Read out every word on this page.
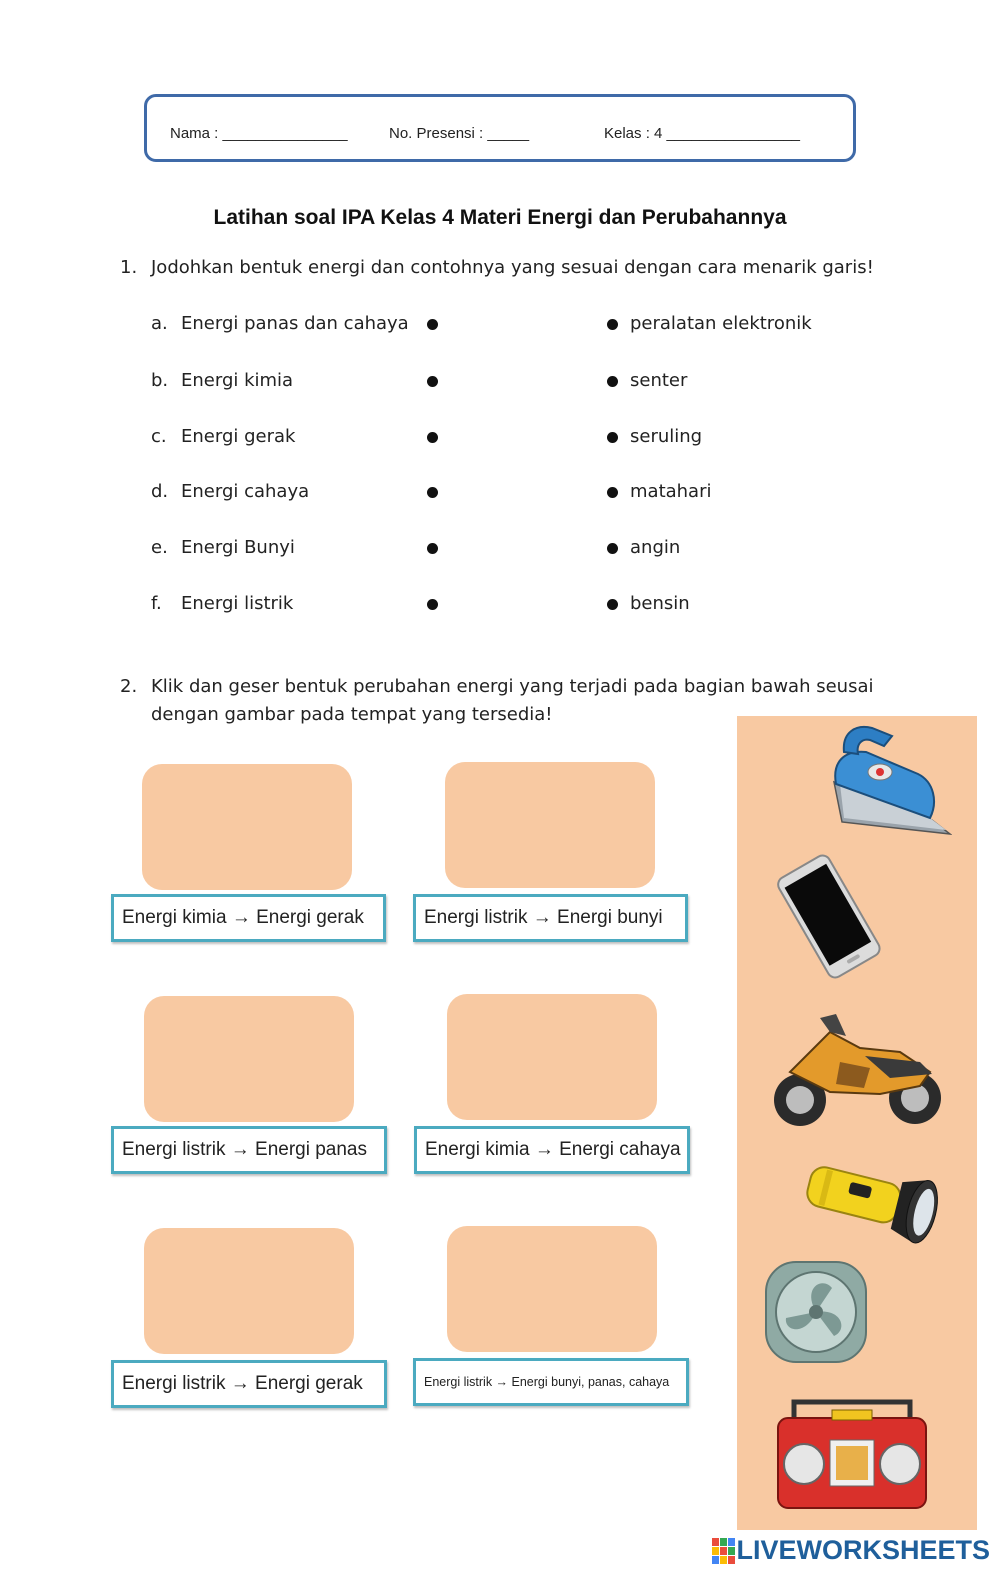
Nama : _______________	No. Presensi : _____	Kelas : 4 ________________
Latihan soal IPA Kelas 4 Materi Energi dan Perubahannya
1. Jodohkan bentuk energi dan contohnya yang sesuai dengan cara menarik garis!
a. Energi panas dan cahaya	peralatan elektronik
b. Energi kimia	senter
c. Energi gerak	seruling
d. Energi cahaya	matahari
e. Energi Bunyi	angin
f. Energi listrik	bensin
2. Klik dan geser bentuk perubahan energi yang terjadi pada bagian bawah seusai
dengan gambar pada tempat yang tersedia!
Energi kimia → Energi gerak	Energi listrik → Energi bunyi
Energi listrik → Energi panas	Energi kimia → Energi cahaya
Energi listrik → Energi gerak	Energi listrik → Energi bunyi, panas, cahaya
LIVEWORKSHEETS
